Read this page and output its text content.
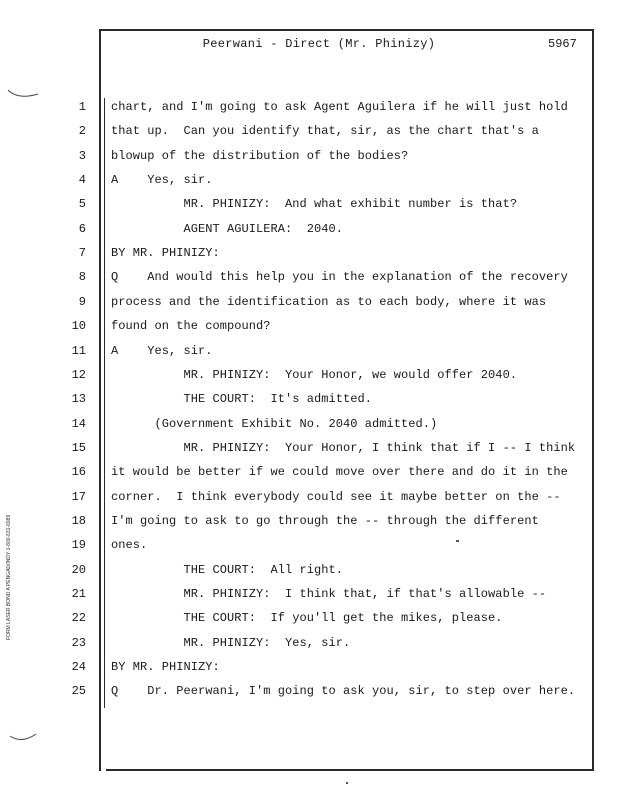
Peerwani - Direct (Mr. Phinizy)	5967
1 chart, and I'm going to ask Agent Aguilera if he will just hold
2 that up.  Can you identify that, sir, as the chart that's a
3 blowup of the distribution of the bodies?
4 A    Yes, sir.
5 MR. PHINIZY:  And what exhibit number is that?
6 AGENT AGUILERA:  2040.
7 BY MR. PHINIZY:
8 Q    And would this help you in the explanation of the recovery
9 process and the identification as to each body, where it was
10 found on the compound?
11 A    Yes, sir.
12 MR. PHINIZY:  Your Honor, we would offer 2040.
13 THE COURT:  It's admitted.
14 (Government Exhibit No. 2040 admitted.)
15 MR. PHINIZY:  Your Honor, I think that if I -- I think
16 it would be better if we could move over there and do it in the
17 corner.  I think everybody could see it maybe better on the --
18 I'm going to ask to go through the -- through the different
19 ones.
20 THE COURT:  All right.
21 MR. PHINIZY:  I think that, if that's allowable --
22 THE COURT:  If you'll get the mikes, please.
23 MR. PHINIZY:  Yes, sir.
24 BY MR. PHINIZY:
25 Q    Dr. Peerwani, I'm going to ask you, sir, to step over here.
FORM LASER BOND A PENGAD/INDY 1-800-631-6989
